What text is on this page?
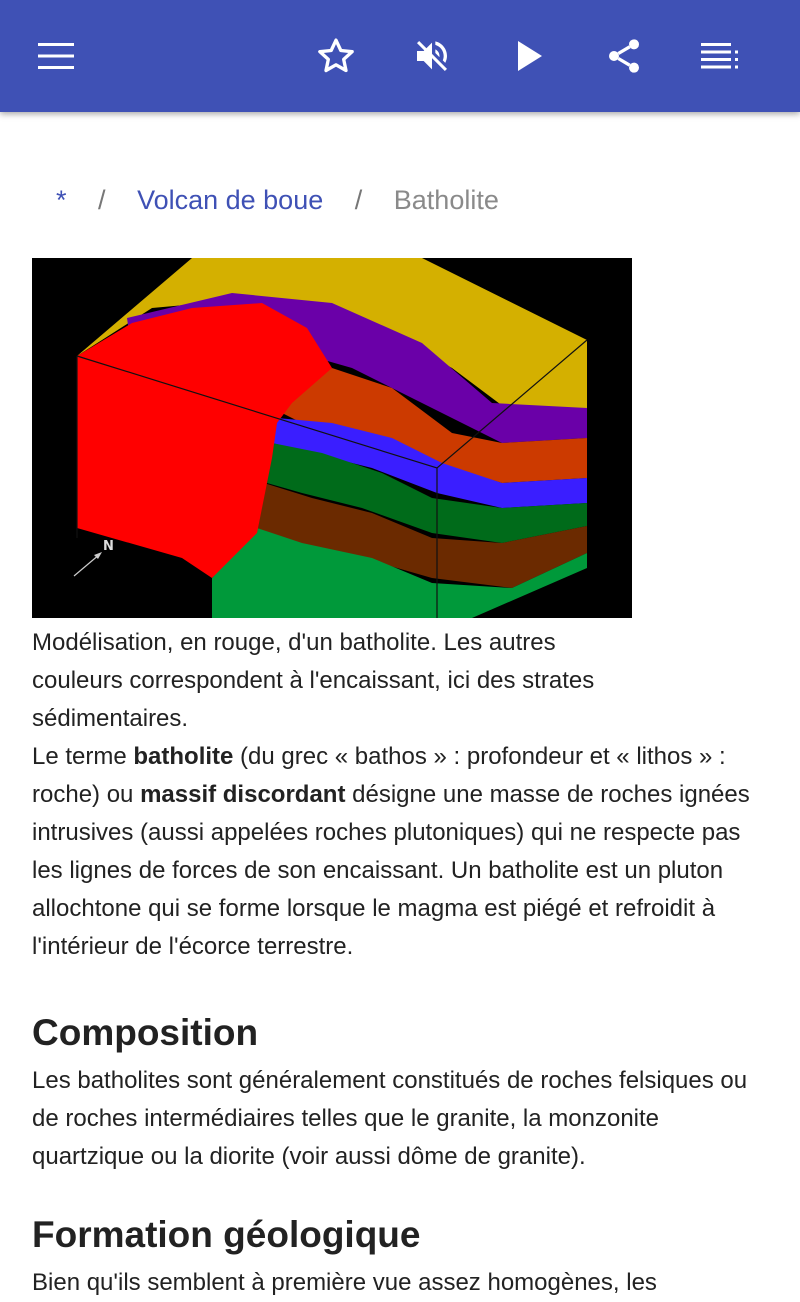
* / Volcan de boue / Batholite
N

Modélisation, en rouge, d'un batholite. Les autres couleurs correspondent à l'encaissant, ici des strates sédimentaires.

Le terme batholite (du grec « bathos » : profondeur et « lithos » : roche) ou massif discordant désigne une masse de roches ignées intrusives (aussi appelées roches plutoniques) qui ne respecte pas les lignes de forces de son encaissant. Un batholite est un pluton allochtone qui se forme lorsque le magma est piégé et refroidit à l'intérieur de l'écorce terrestre.

Composition

Les batholites sont généralement constitués de roches felsiques ou de roches intermédiaires telles que le granite, la monzonite quartzique ou la diorite (voir aussi dôme de granite).

Formation géologique

Bien qu'ils semblent à première vue assez homogènes, les
